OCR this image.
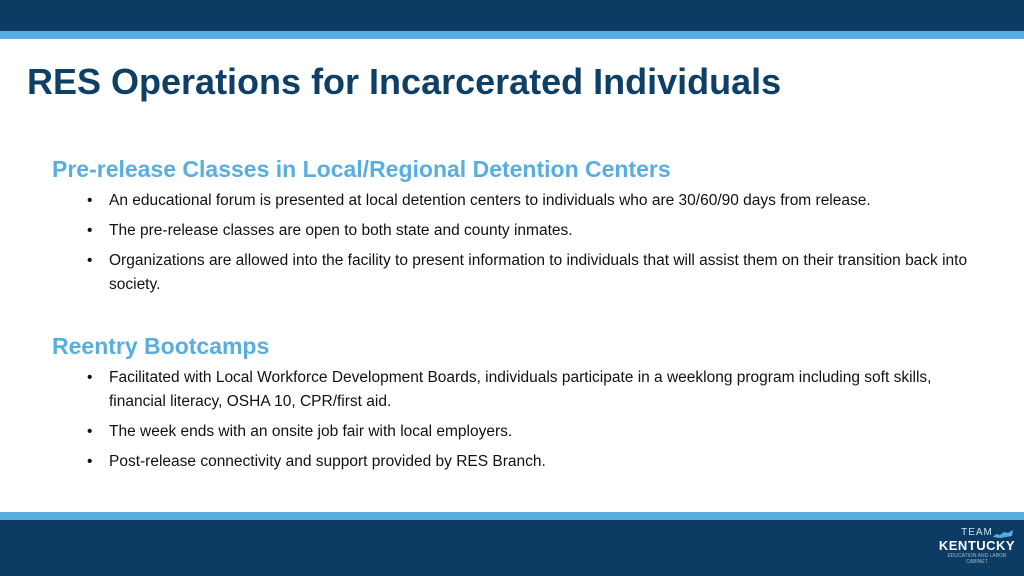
RES Operations for Incarcerated Individuals
Pre-release Classes in Local/Regional Detention Centers
• An educational forum is presented at local detention centers to individuals who are 30/60/90 days from release.
• The pre-release classes are open to both state and county inmates.
• Organizations are allowed into the facility to present information to individuals that will assist them on their transition back into society.
Reentry Bootcamps
• Facilitated with Local Workforce Development Boards, individuals participate in a weeklong program including soft skills, financial literacy, OSHA 10, CPR/first aid.
• The week ends with an onsite job fair with local employers.
• Post-release connectivity and support provided by RES Branch.
TEAM
KENTUCKY
EDUCATION AND LABOR CABINET
